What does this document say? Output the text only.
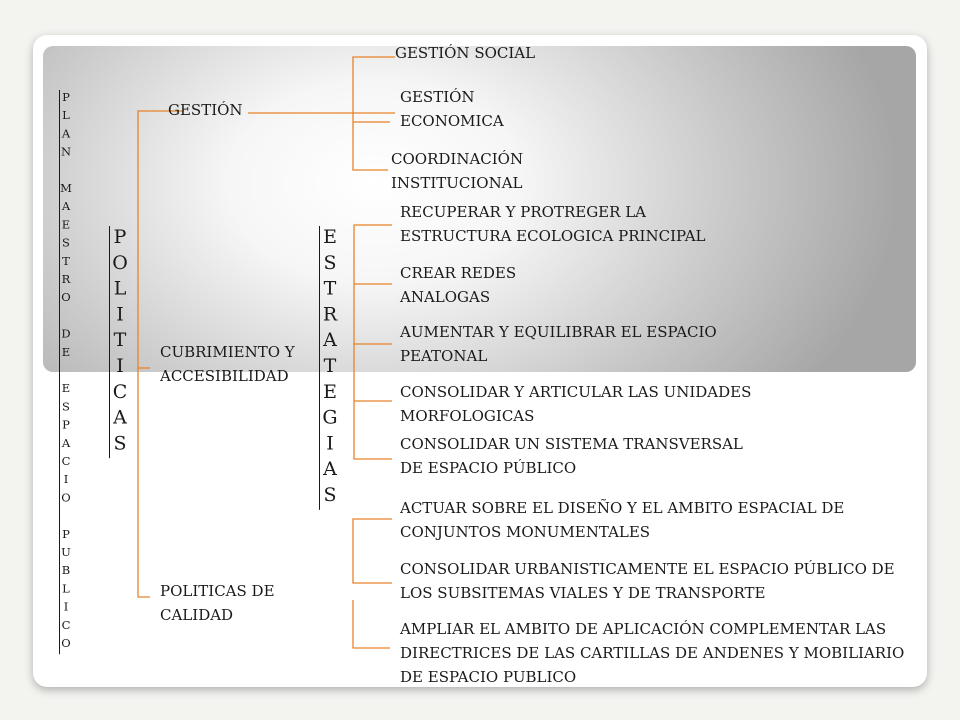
PLAN MAESTRO DE ESPACIO PUBLICO POLITICAS	ESTRATEGIAS
GESTIÓN
CUBRIMIENTO Y ACCESIBILIDAD
POLITICAS DE CALIDAD
GESTIÓN SOCIAL
GESTIÓN ECONOMICA
COORDINACIÓN INSTITUCIONAL
RECUPERAR Y PROTREGER LA ESTRUCTURA ECOLOGICA PRINCIPAL
CREAR REDES ANALOGAS
AUMENTAR Y EQUILIBRAR EL ESPACIO PEATONAL
CONSOLIDAR Y ARTICULAR LAS UNIDADES MORFOLOGICAS
CONSOLIDAR UN SISTEMA TRANSVERSAL DE ESPACIO PÚBLICO
ACTUAR SOBRE EL DISEÑO Y EL AMBITO ESPACIAL DE CONJUNTOS MONUMENTALES
CONSOLIDAR URBANISTICAMENTE EL ESPACIO PÚBLICO DE LOS SUBSITEMAS VIALES Y DE TRANSPORTE
AMPLIAR EL AMBITO DE APLICACIÓN COMPLEMENTAR LAS DIRECTRICES DE LAS CARTILLAS DE ANDENES Y MOBILIARIO DE ESPACIO PUBLICO
